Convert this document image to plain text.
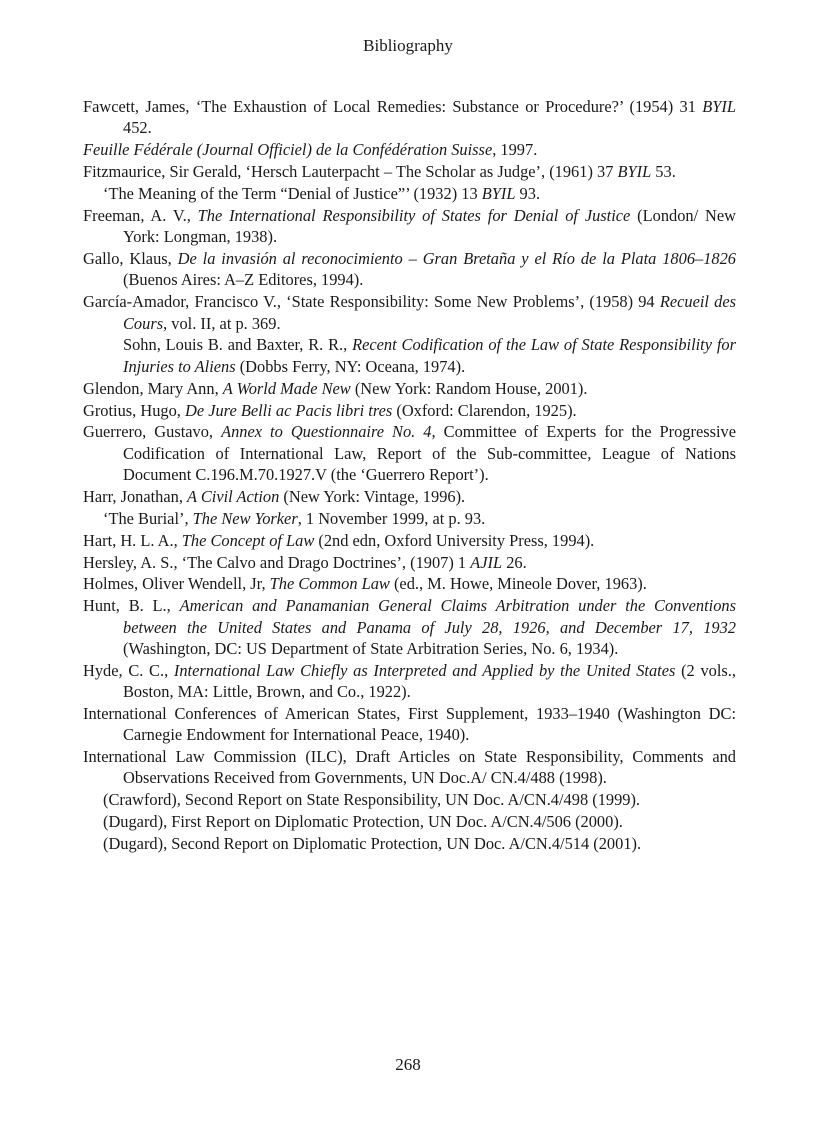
Bibliography

Fawcett, James, ‘The Exhaustion of Local Remedies: Substance or Procedure?’ (1954) 31 BYIL 452.

Feuille Fédérale (Journal Officiel) de la Confédération Suisse, 1997.

Fitzmaurice, Sir Gerald, ‘Hersch Lauterpacht – The Scholar as Judge’, (1961) 37 BYIL 53.

‘The Meaning of the Term “Denial of Justice”’ (1932) 13 BYIL 93.

Freeman, A. V., The International Responsibility of States for Denial of Justice (London/ New York: Longman, 1938).

Gallo, Klaus, De la invasión al reconocimiento – Gran Bretaña y el Río de la Plata 1806–1826 (Buenos Aires: A–Z Editores, 1994).

García-Amador, Francisco V., ‘State Responsibility: Some New Problems’, (1958) 94 Recueil des Cours, vol. II, at p. 369.

Sohn, Louis B. and Baxter, R. R., Recent Codification of the Law of State Responsibility for Injuries to Aliens (Dobbs Ferry, NY: Oceana, 1974).

Glendon, Mary Ann, A World Made New (New York: Random House, 2001).

Grotius, Hugo, De Jure Belli ac Pacis libri tres (Oxford: Clarendon, 1925).

Guerrero, Gustavo, Annex to Questionnaire No. 4, Committee of Experts for the Progressive Codification of International Law, Report of the Sub-committee, League of Nations Document C.196.M.70.1927.V (the ‘Guerrero Report’).

Harr, Jonathan, A Civil Action (New York: Vintage, 1996).

‘The Burial’, The New Yorker, 1 November 1999, at p. 93.

Hart, H. L. A., The Concept of Law (2nd edn, Oxford University Press, 1994).

Hersley, A. S., ‘The Calvo and Drago Doctrines’, (1907) 1 AJIL 26.

Holmes, Oliver Wendell, Jr, The Common Law (ed., M. Howe, Mineole Dover, 1963).

Hunt, B. L., American and Panamanian General Claims Arbitration under the Conventions between the United States and Panama of July 28, 1926, and December 17, 1932 (Washington, DC: US Department of State Arbitration Series, No. 6, 1934).

Hyde, C. C., International Law Chiefly as Interpreted and Applied by the United States (2 vols., Boston, MA: Little, Brown, and Co., 1922).

International Conferences of American States, First Supplement, 1933–1940 (Washington DC: Carnegie Endowment for International Peace, 1940).

International Law Commission (ILC), Draft Articles on State Responsibility, Comments and Observations Received from Governments, UN Doc.A/ CN.4/488 (1998).

(Crawford), Second Report on State Responsibility, UN Doc. A/CN.4/498 (1999).

(Dugard), First Report on Diplomatic Protection, UN Doc. A/CN.4/506 (2000).

(Dugard), Second Report on Diplomatic Protection, UN Doc. A/CN.4/514 (2001).

268
